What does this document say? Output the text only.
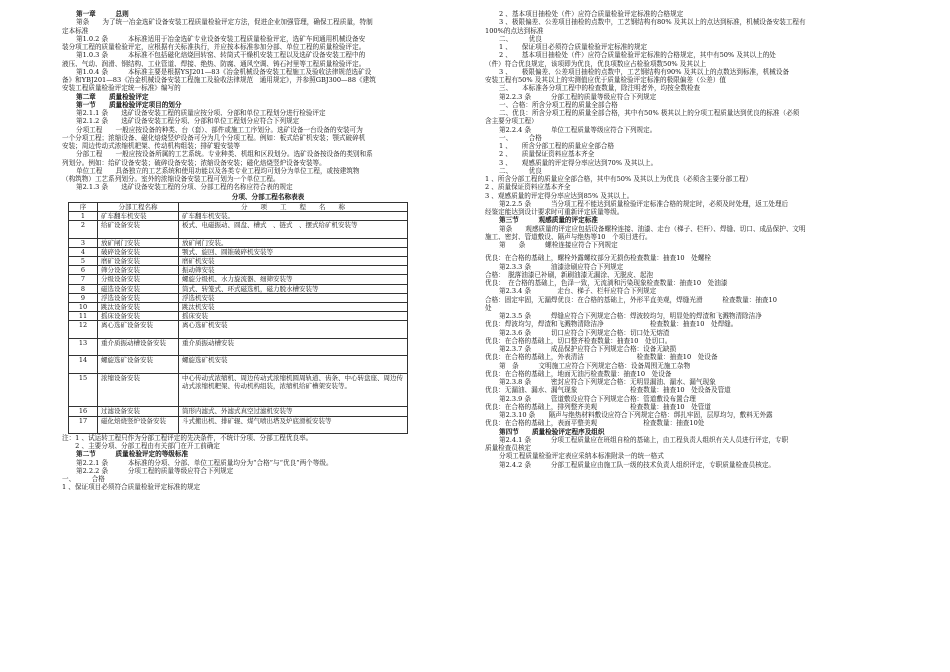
第一章　　　总则
第条　　为了统一冶金选矿设备安装工程质量检验评定方法，促进企业加强管理，确保工程质量，特制
定本标准
第1.0.2 条　　　本标准适用于冶金选矿专业设备安装工程质量检验评定，选矿车间通用机械设备安
装分项工程的质量检验评定，应根据有关标准执行，并应按本标准参加分部、单位工程的质量检验评定。
第1.0.3 条　　　本标准不包括磁化焙烧回转窑、转筒式干燥机安装工程以及选矿设备安装工程中的
液压、气动、润滑、钢结构、工业管道、焊接、绝热、防腐、通风空调、铸石衬里等工程质量检验评定。
第1.0.4 条　　　本标准主要是根据YSJ201—83《冶金机械设备安装工程施工及验收法律规范选矿设
备》和YBJ201—83《冶金机械设备安装工程施工及验收法律规范　通用规定》，并参照GBJ300—88《建筑
安装工程质量检验评定统一标准》编写的
第二章　　质量检验评定
第一节　　质量检验评定项目的划分
第2.1.1 条　　选矿设备安装工程的质量应按分项、分部和单位工程划分进行检验评定
第2.1.2 条　　选矿设备安装工程分项、分部和单位工程划分应符合下列规定
分项工程　　一般应按设备的种类、台（套）、部件或施工工序划分。选矿设备一台设备的安装可为
一个分项工程；浓缩设备、磁化焙烧竖炉设备可分为几个分项工程。例如：板式给矿机安装；颚式破碎机
安装；周边传动式浓缩机耙架、传动机构组装；排矿辊安装等
分部工程　　一般应按设备所属的工艺系统。专业种类、机组和区段划分。选矿设备按设备的类别和系
列划分。例如：给矿设备安装；破碎设备安装；浓缩设备安装；磁化焙烧竖炉设备安装等。
单位工程　　具备独立的工艺系统和使用功能以及各类专业工程均可划分为单位工程，或按建筑物
（构筑物）工艺系列划分。室外的浓缩设备安装工程可划为一个单位工程。
第2.1.3 条　　选矿设备安装工程的分项、分部工程的名称应符合表的规定
分项、分部工程名称表表
序	分部工程名称	分　　项　　工　　程　　名　　称
1	矿车翻车机安装	矿车翻车机安装。
2	给矿设备安装	板式、电磁振动、圆盘、槽式　、链式　、摆式给矿机安装等
3	放矿闸门安装	放矿闸门安装。
4	破碎设备安装	颚式、旋回、圆锥破碎机安装等
5	磨矿设备安装	磨矿机安装
6	筛分设备安装	振动筛安装
7	分级设备安装	螺旋分级机、水力旋流器、细筛安装等
8	磁选设备安装	筒式、转笼式、环式磁选机，磁力脱水槽安装等
9	浮选设备安装	浮选机安装
10	跳汰设备安装	跳汰机安装
11	摇床设备安装	摇床安装
12	离心选矿设备安装	离心选矿机安装
13	重介质振动槽设备安装	重介质振动槽安装
14	螺旋选矿设备安装	螺旋选矿机安装
15	浓缩设备安装	中心传动式浓缩机、周边传动式浓缩机圆周轨道、齿条、中心转盘座、周边传动式浓缩机耙架、传动机构组装，浓缩机给矿槽架安装等。
16	过滤设备安装	筒形内滤式、外滤式真空过滤机安装等
17	磁化焙烧竖炉设备安装	斗式搬出机、排矿辊、煤气喷出塔及炉底滑板安装等
注：1 、试运转工程只作为分部工程评定的先决条件，不统计分项、分部工程优良率。
　　2 、主要分项、分部工程由有关部门在开工前确定
第二节　　　质量检验评定的等级标准
第2.2.1 条　　　本标准的分项、分部、单位工程质量均分为“合格”与“优良”两个等级。
第2.2.2 条　　　分项工程的质量等级应符合下列规定
一、　　　合格
1 、保证项目必须符合质量检验评定标准的规定
2 、基本项目抽检处（件）应符合质量检验评定标准的合格规定
3 、极限偏差、公差项目抽检的点数中，工艺钢结构有80% 及其以上的点达到标准，机械设备安装工程有
100%的点达到标准
二、　　　优良
1 、　　保证项目必须符合质量检验评定标准的规定
2 、　　基本项目抽检处（件）应符合质量检验评定标准的合格规定，其中有50% 及其以上的处
（件）符合优良规定，该项即为优良，优良项数应占检验项数50% 及其以上
3 、　　极限偏差、公差项目抽检的点数中，工艺钢结构有90% 及其以上的点数达到标准，机械设备
安装工程有50% 及其以上的实测值应优于质量检验评定标准的极限偏差（公差）值
三、　　本标准各分项工程中的检查数量，除注明者外，均按全数检查
第2.2.3 条　　　分部工程的质量等级应符合下列规定
一、合格：所含分项工程的质量全部合格
二、优良：所含分项工程的质量全部合格，其中有50% 极其以上的分项工程质量达到优良的标准（必须
含主要分项工程）
第2.2.4 条　　　单位工程质量等级应符合下列规定。
一、　　　合格
1 、　　所含分部工程的质量应全部合格
2 、　　质量保证资料应基本齐全
3 、　　观感质量的评定得分率应达到70% 及其以上。
二、　　　优良
1 、所含分部工程的质量应全部合格，其中有50% 及其以上为优良（必须含主要分部工程）
2 、质量保证资料应基本齐全
3 、观感质量的评定得分率应达到85% 及其以上。
第2.2.5 条　　　当分项工程不能达到质量检验评定标准合格的规定时，必须及时处理，返工处理后
经鉴定能达到设计要求时可重新评定质量等级。
第三节　　　观感质量的评定标准
第条　　观感质量的评定应包括设备螺栓连接、油漆、走台（梯子、栏杆）、焊缝、切口、成品保护、文明
施工、密封、管道敷设、隔声与绝热等10　个项目进行。
第　　条　　　螺栓连接应符合下列规定
优良：在合格的基础上，螺栓外露螺纹部分无损伤检查数量：抽查10　处螺栓
第2.3.3 条　　　油漆涂刷应符合下列规定
合格：　脱落油漆已补刷，新刷油漆无漏涂、无脱皮、起泡
优良：　在合格的基础上，色泽一致，无流淌和污染现象检查数量：抽查10　处油漆
第2.3.4 条　　　　走台、梯子、栏杆应符合下列规定
合格：固定牢固，无漏焊优良：在合格的基础上，外形平直美观，焊缝光滑　　　检查数量：抽查10
处
第2.3.5 条　　　焊缝应符合下列规定合格：焊波较均匀，明显处的焊渣和飞溅物清除洁净
优良：焊波均匀，焊渣和飞溅物清除洁净　　　　　　　检查数量：抽查10　处焊缝。
第2.3.6 条　　　切口应符合下列规定合格：切口处无熔渣
优良：在合格的基础上，切口整齐检查数量：抽查10　处切口。
第2.3.7 条　　　成品保护应符合下列规定合格：设备无缺损
优良：在合格的基础上，外表清洁　　　　　　　　检查数量：抽查10　处设备
第　条　　　文明施工应符合下列规定合格：设备周围无施工杂物
优良：在合格的基础上，地面无油污检查数量：抽查10　处设备
第2.3.8 条　　　密封应符合下列规定合格：无明显漏油、漏水、漏气现象
优良：无漏油、漏水、漏气现象　　　　　　　　检查数量：抽查10　处设备及管道
第2.3.9 条　　　管道敷设应符合下列规定合格：管道敷设布置合理
优良：在合格的基础上，排列整齐美观　　　　　检查数量：抽查10　处管道
第2.3.10 条　　隔声与绝热材料敷设应符合下列规定合格：绑扎牢固，层厚均匀，敷料无外露
优良：在合格的基础上，表面平整美观　　　　　　　检查数量：抽查10处
第四节　　质量检验评定程序及组织
第2.4.1 条　　　分项工程质量应在班组自检的基础上，由工程负责人组织有关人员进行评定，专职
质量检查员核定
分项工程质量检验评定表应采纳本标准附录一的统一格式
第2.4.2 条　　　分部工程质量应由施工队一级的技术负责人组织评定，专职质量检查员核定。
